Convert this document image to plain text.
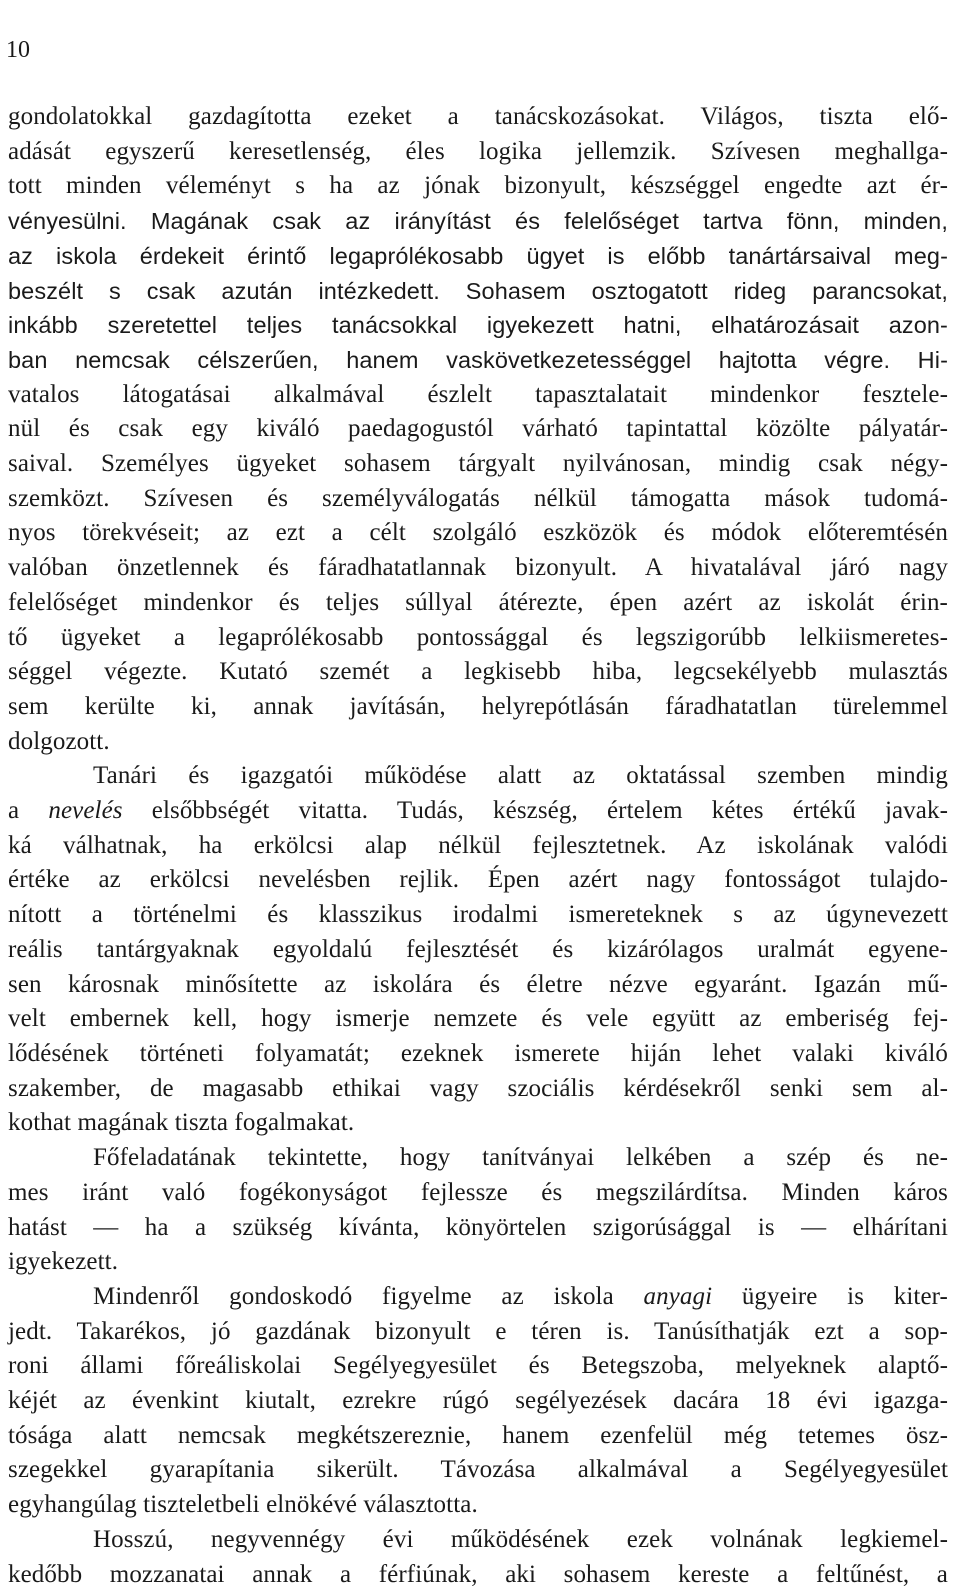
10
gondolatokkal gazdagította ezeket a tanácskozásokat. Világos, tiszta elő-
adását egyszerű keresetlenség, éles logika jellemzik. Szívesen meghallga-
tott minden véleményt s ha az jónak bizonyult, készséggel engedte azt ér-
vényesülni. Magának csak az irányítást és felelőséget tartva fönn, minden,
az iskola érdekeit érintő legaprólékosabb ügyet is előbb tanártársaival meg-
beszélt s csak azután intézkedett. Sohasem osztogatott rideg parancsokat,
inkább szeretettel teljes tanácsokkal igyekezett hatni, elhatározásait azon-
ban nemcsak célszerűen, hanem vaskövetkezetességgel hajtotta végre. Hi-
vatalos látogatásai alkalmával észlelt tapasztalatait mindenkor fesztele-
nül és csak egy kiváló paedagogustól várható tapintattal közölte pályatár-
saival. Személyes ügyeket sohasem tárgyalt nyilvánosan, mindig csak négy-
szemközt. Szívesen és személyválogatás nélkül támogatta mások tudomá-
nyos törekvéseit; az ezt a célt szolgáló eszközök és módok előteremtésén
valóban önzetlennek és fáradhatatlannak bizonyult. A hivatalával járó nagy
felelőséget mindenkor és teljes súllyal átérezte, épen azért az iskolát érin-
tő ügyeket a legaprólékosabb pontossággal és legszigorúbb lelkiismeretes-
séggel végezte. Kutató szemét a legkisebb hiba, legcsekélyebb mulasztás
sem kerülte ki, annak javításán, helyrepótlásán fáradhatatlan türelemmel
dolgozott.
Tanári és igazgatói működése alatt az oktatással szemben mindig
a nevelés elsőbbségét vitatta. Tudás, készség, értelem kétes értékű javak-
ká válhatnak, ha erkölcsi alap nélkül fejlesztetnek. Az iskolának valódi
értéke az erkölcsi nevelésben rejlik. Épen azért nagy fontosságot tulajdo-
nított a történelmi és klasszikus irodalmi ismereteknek s az úgynevezett
reális tantárgyaknak egyoldalú fejlesztését és kizárólagos uralmát egyene-
sen károsnak minősítette az iskolára és életre nézve egyaránt. Igazán mű-
velt embernek kell, hogy ismerje nemzete és vele együtt az emberiség fej-
lődésének történeti folyamatát; ezeknek ismerete hiján lehet valaki kiváló
szakember, de magasabb ethikai vagy szociális kérdésekről senki sem al-
kothat magának tiszta fogalmakat.
Főfeladatának tekintette, hogy tanítványai lelkében a szép és ne-
mes iránt való fogékonyságot fejlessze és megszilárdítsa. Minden káros
hatást — ha a szükség kívánta, könyörtelen szigorúsággal is — elhárítani
igyekezett.
Mindenről gondoskodó figyelme az iskola anyagi ügyeire is kiter-
jedt. Takarékos, jó gazdának bizonyult e téren is. Tanúsíthatják ezt a sop-
roni állami főreáliskolai Segélyegyesület és Betegszoba, melyeknek alaptő-
kéjét az évenkint kiutalt, ezrekre rúgó segélyezések dacára 18 évi igazga-
tósága alatt nemcsak megkétszereznie, hanem ezenfelül még tetemes ösz-
szegekkel gyarapítania sikerült. Távozása alkalmával a Segélyegyesület
egyhangúlag tiszteletbeli elnökévé választotta.
Hosszú, negyvennégy évi működésének ezek volnának legkiemel-
kedőbb mozzanatai annak a férfiúnak, aki sohasem kereste a feltűnést, a
